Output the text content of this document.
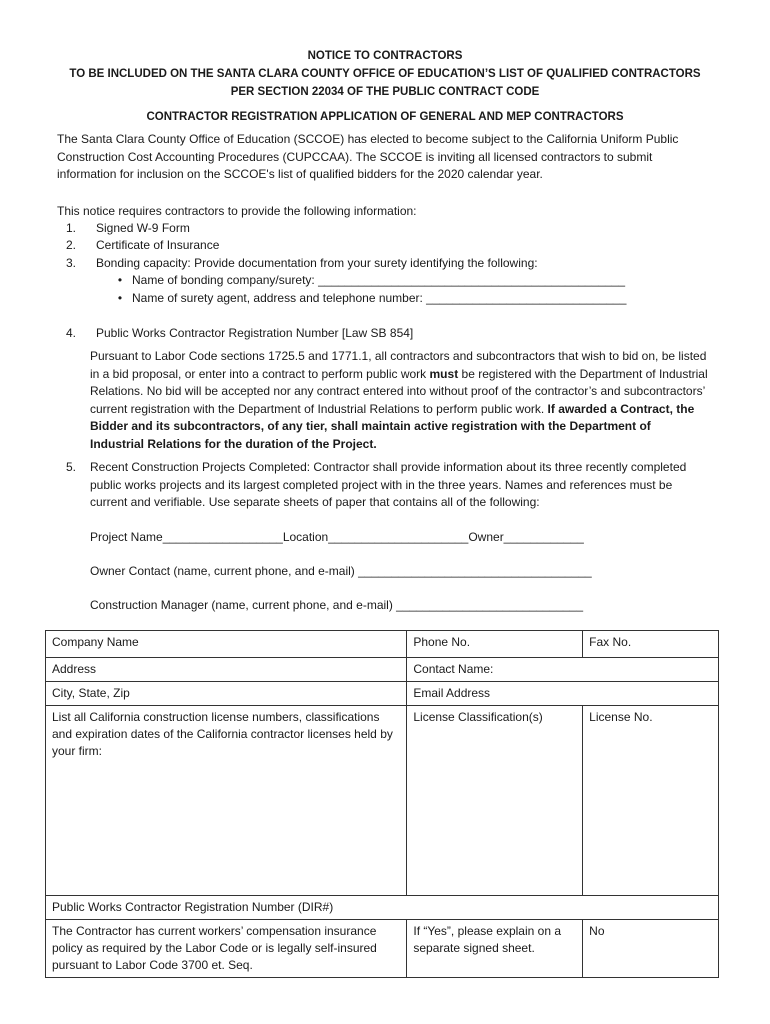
NOTICE TO CONTRACTORS
TO BE INCLUDED ON THE SANTA CLARA COUNTY OFFICE OF EDUCATION’S LIST OF QUALIFIED CONTRACTORS
PER SECTION 22034 OF THE PUBLIC CONTRACT CODE
CONTRACTOR REGISTRATION APPLICATION OF GENERAL AND MEP CONTRACTORS
The Santa Clara County Office of Education (SCCOE) has elected to become subject to the California Uniform Public Construction Cost Accounting Procedures (CUPCCAA). The SCCOE is inviting all licensed contractors to submit information for inclusion on the SCCOE's list of qualified bidders for the 2020 calendar year.
This notice requires contractors to provide the following information:
1. Signed W-9 Form
2. Certificate of Insurance
3. Bonding capacity: Provide documentation from your surety identifying the following:
• Name of bonding company/surety: ______________________________________________
• Name of surety agent, address and telephone number: ______________________________
4. Public Works Contractor Registration Number [Law SB 854]
Pursuant to Labor Code sections 1725.5 and 1771.1, all contractors and subcontractors that wish to bid on, be listed in a bid proposal, or enter into a contract to perform public work must be registered with the Department of Industrial Relations. No bid will be accepted nor any contract entered into without proof of the contractor’s and subcontractors’ current registration with the Department of Industrial Relations to perform public work. If awarded a Contract, the Bidder and its subcontractors, of any tier, shall maintain active registration with the Department of Industrial Relations for the duration of the Project.
5.	Recent Construction Projects Completed: Contractor shall provide information about its three recently completed public works projects and its largest completed project with in the three years. Names and references must be current and verifiable. Use separate sheets of paper that contains all of the following:
Project Name__________________Location_____________________Owner____________
Owner Contact (name, current phone, and e-mail) ___________________________________
Construction Manager (name, current phone, and e-mail) ____________________________
Company Name	Phone No.	Fax No.
Address	Contact Name:	
City, State, Zip	Email Address	
List all California construction license numbers, classifications and expiration dates of the California contractor licenses held by your firm:	License Classification(s)	License No.
Public Works Contractor Registration Number (DIR#)		
The Contractor has current workers’ compensation insurance policy as required by the Labor Code or is legally self-insured pursuant to Labor Code 3700 et. Seq.	If “Yes”, please explain on a separate signed sheet.	No
